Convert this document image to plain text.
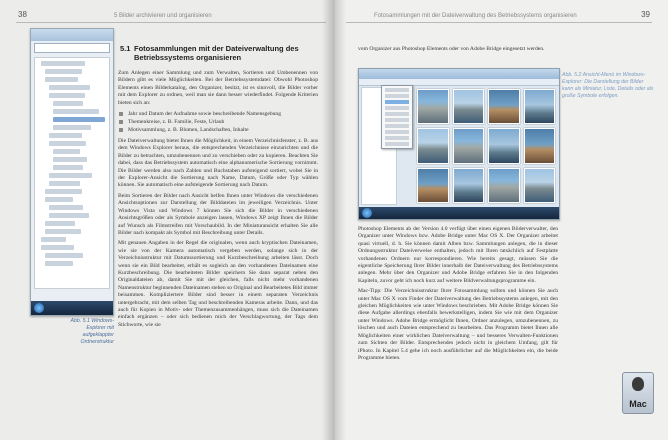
5 Bilder archivieren und organisieren
38
Abb. 5.1 Windows-Explorer mit aufgeklappter Ordnerstruktur
5.1 Fotosammlungen mit der Dateiverwaltung des
Betriebssystems organisieren

Zum Anlegen einer Sammlung und zum Verwalten, Sortieren und Umbenennen von Bildern gibt es viele Möglichkeiten. Bei der Betriebssystemdatei: Obwohl Photoshop Elements einen Bilderkatalog, den Organizer, besitzt, ist es sinnvoll, die Bilder vorher mit dem Explorer zu ordnen, weil man sie dann besser wiederfindet. Folgende Kriterien bieten sich an:

Jahr und Datum der Aufnahme sowie beschreibende Namensgebung
Themenkreise, z. B. Familie, Feste, Urlaub
Motivsammlung, z. B. Blumen, Landschaften, Inhalte

Die Dateiverwaltung bietet Ihnen die Möglichkeit, in einem Verzeichnisfenster, z. B. aus dem Windows Explorer heraus, die entsprechenden Verzeichnisse einzurichten und die Bilder zu betrachten, umzubenennen und zu verschieben oder zu kopieren. Beachten Sie dabei, dass das Betriebssystem automatisch eine alphanumerische Sortierung vornimmt. Die Bilder werden also nach Zahlen und Buchstaben aufsteigend sortiert, wobei Sie in der Explorer-Ansicht die Sortierung nach Name, Datum, Größe oder Typ wählen können. Sie automatisch eine aufsteigende Sortierung nach Datum.

Beim Sortieren der Bilder nach Ansicht helfen Ihnen unter Windows die verschiedenen Ansichtsoptionen zur Darstellung der Bilddateien im jeweiligen Verzeichnis. Unter Windows Vista und Windows 7 können Sie sich die Bilder in verschiedenen Ansichtsgrößen oder als Symbole anzeigen lassen, Windows XP zeigt Ihnen die Bilder auf Wunsch als Filmstreifen mit Vorschaubild. In der Miniaturansicht erhalten Sie alle Bilder nach kompakt als Symbol mit Beschreibung unter Details.

Mit genauen Angaben in der Regel die originalen, wenn auch kryptischen Dateinamen, wie sie von der Kamera automatisch vergeben werden, solange sich in der Verzeichnisstruktur mit Datumssortierung und Kurzbeschreibung arbeiten lässt. Doch wenn sie ein Bild bearbeitet, erhält es sogleich an den vorhandenen Dateinamen eine Kurzbeschreibung. Die bearbeiteten Bilder speichern Sie dann separat neben den Originaldateien ab, damit Sie mit der gleichen, falls nicht mehr vorhandenen Namenstruktur beginnenden Dateinamen stehen so Original und Bearbeitetes Bild immer beisammen. Kompliziertere Bilder sind besser in einem separaten Verzeichnis untergebracht, mit dem selben Tag und beschreibenden Kameras arbeite. Dann, und das auch für Kopien in Motiv- oder Themenzusammenhängen, muss sich die Dateinamen einfach ergänzen – oder sich bedienen mich der Verschlagwortung, der Tags dem Stichworte, wie sie

Fotosammlungen mit der Dateiverwaltung des Betriebssystems organisieren	39

vom Organizer aus Photoshop Elements oder von Adobe Bridge eingesetzt werden.

Abb. 5.2 Ansicht-Menü im Windows-Explorer: Die Darstellung der Bilder kann als Miniatur, Liste, Details oder als große Symbole erfolgen.

Photoshop Elements ab der Version 4.0 verfügt über einen eigenen Bilderverwalter, den Organizer unter Windows bzw. Adobe Bridge unter Mac OS X. Der Organizer arbeitet quasi virtuell, d. h. Sie können damit Alben bzw. Sammlungen anlegen, die in dieser Ordnungsstruktur Dateiverweise enthalten, jedoch mit Ihren tatsächlich auf Festplatte vorhandenen Ordnern nur korrespondieren. Wie bereits gesagt, müssen Sie die eigentliche Speicherung Ihrer Bilder innerhalb der Dateiverwaltung des Betriebssystems anlegen. Mehr über den Organizer und Adobe Bridge erfahren Sie in den folgenden Kapiteln, zuvor geht ich noch kurz auf weitere Bildverwaltungsprogramme ein.

Mac-Tipp: Die Verzeichnisstruktur Ihrer Fotosammlung sollten und können Sie auch unter Mac OS X vom Finder der Dateiverwaltung des Betriebssystems anlegen, mit den gleichen Möglichkeiten wie unter Windows beschrieben. Mit Adobe Bridge können Sie diese Aufgabe allerdings ebenfalls bewerkstelligen, indem Sie wie mit dem Organizer unter Windows. Adobe Bridge ermöglicht Ihnen, Ordner anzulegen, umzubenennen, zu löschen und auch Dateien entsprechend zu bearbeiten. Das Programm bietet Ihnen alle Möglichkeiten einer wirklichen Dateiverwaltung – und besseres Verwalten-Funktionen zum Sichten der Bilder. Entsprechendes jedoch nicht in gleichem Umfang, gilt für iPhoto. In Kapitel 5.4 gehe ich noch ausführlicher auf die Möglichkeiten ein, die beide Programme bieten.

Mac
